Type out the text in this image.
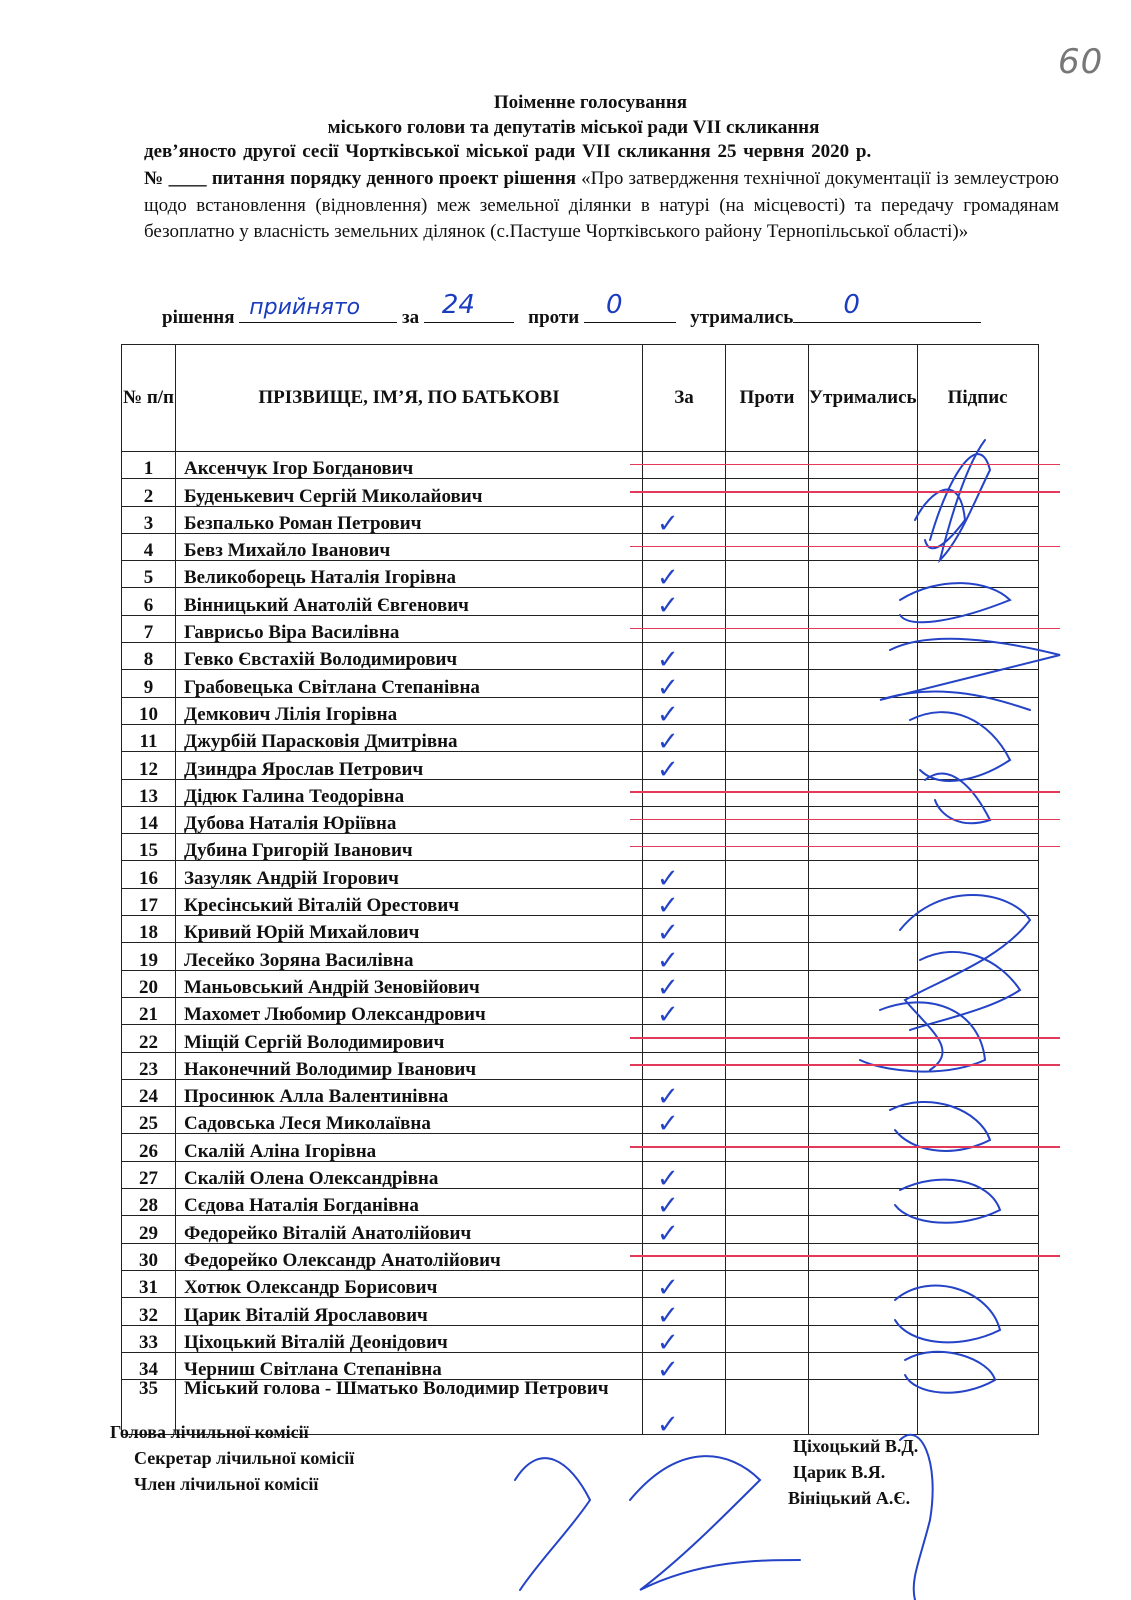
60
Поіменне голосування
міського голови та депутатів міської ради VІІ скликання
дев’яносто другої сесії Чортківської міської ради VІІ скликання 25 червня 2020 р.
№ ____ питання порядку денного проект рішення «Про затвердження технічної документації із землеустрою щодо встановлення (відновлення) меж земельної ділянки в натурі (на місцевості) та передачу громадянам безоплатно у власність земельних ділянок (с.Пастуше Чортківського району Тернопільської області)»
рішення прийнято за 24	проти 0	утримались 0
№ п/п	ПРІЗВИЩЕ, ІМ’Я, ПО БАТЬКОВІ	За	Проти	Утримались	Підпис
1	Аксенчук Ігор Богданович				
2	Буденькевич Сергій Миколайович				
3	Безпалько Роман Петрович	✓			

4	Бевз Михайло Іванович				
5	Великоборець Наталія Ігорівна	✓			

6	Вінницький Анатолій Євгенович	✓			

7	Гаврисьо Віра Василівна				
8	Гевко Євстахій Володимирович	✓			

9	Грабовецька Світлана Степанівна	✓			

10	Демкович Лілія Ігорівна	✓			

11	Джурбій Парасковія Дмитрівна	✓			

12	Дзиндра Ярослав Петрович	✓			

13	Дідюк Галина Теодорівна				
14	Дубова Наталія Юріївна				
15	Дубина Григорій Іванович				
16	Зазуляк Андрій Ігорович	✓			

17	Кресінський Віталій Орестович	✓			

18	Кривий Юрій Михайлович	✓			

19	Лесейко Зоряна Василівна	✓			

20	Маньовський Андрій Зеновійович	✓			

21	Махомет Любомир Олександрович	✓			

22	Міщій Сергій Володимирович				
23	Наконечний Володимир Іванович				
24	Просинюк Алла Валентинівна	✓			

25	Садовська Леся Миколаївна	✓			

26	Скалій Аліна Ігорівна				
27	Скалій Олена Олександрівна	✓			

28	Сєдова Наталія Богданівна	✓			

29	Федорейко Віталій Анатолійович	✓			

30	Федорейко Олександр Анатолійович				
31	Хотюк Олександр Борисович	✓			

32	Царик Віталій Ярославович	✓			

33	Ціхоцький Віталій Деонідович	✓			

34	Черниш Світлана Степанівна	✓			

35	Міський голова - Шматько Володимир Петрович	✓			

Голова лічильної комісії
Секретар лічильної комісії
Член лічильної комісії
Ціхоцький В.Д.
Царик В.Я.
Вініцький А.Є.
